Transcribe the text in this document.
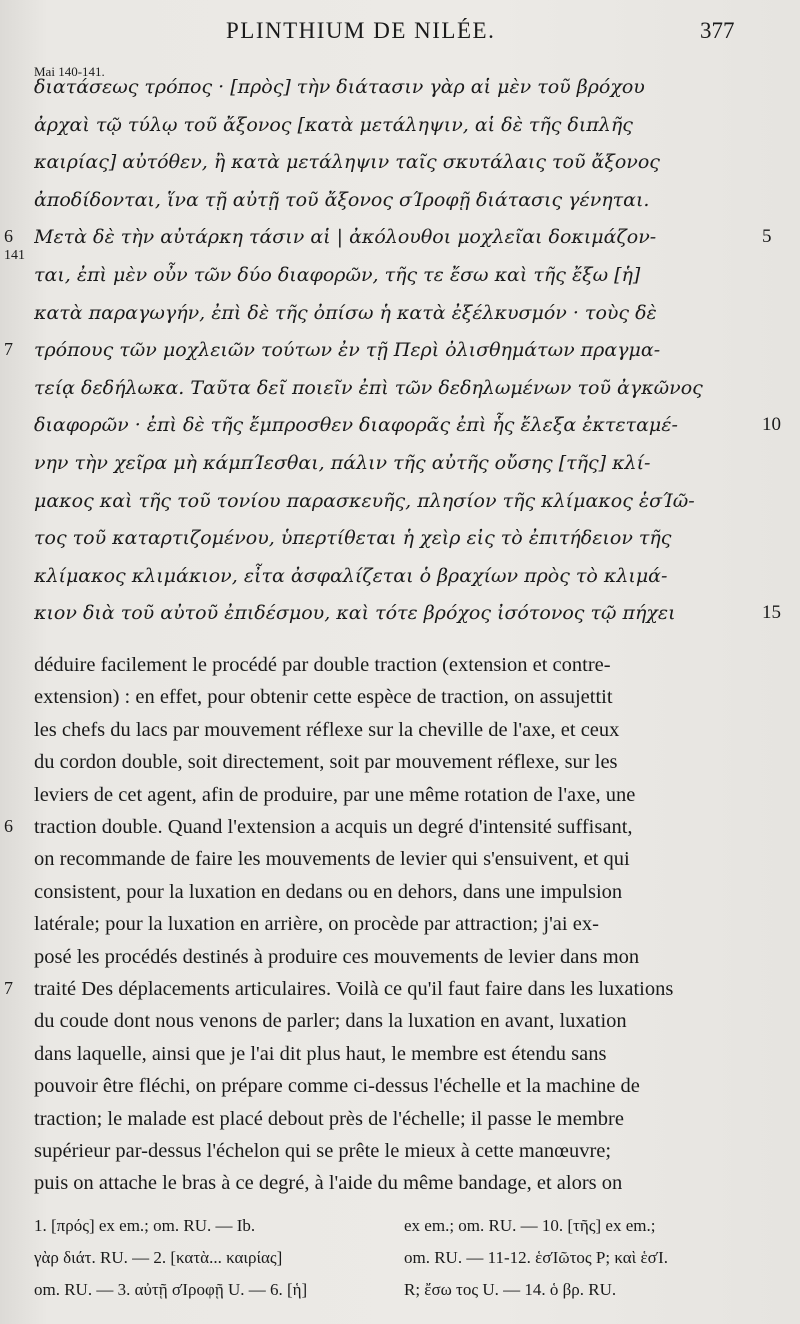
PLINTHIUM DE NILÉE.	377
Mai 140-141.
διατάσεως τρόπος · [πρὸς] τὴν διάτασιν γὰρ αἱ μὲν τοῦ βρόχου
ἀρχαὶ τῷ τύλῳ τοῦ ἄξονος [κατὰ μετάληψιν, αἱ δὲ τῆς διπλῆς
καιρίας] αὐτόθεν, ἢ κατὰ μετάληψιν ταῖς σκυτάλαις τοῦ ἄξονος
ἀποδίδονται, ἵνα τῇ αὐτῇ τοῦ ἄξονος σΊροφῇ διάτασις γένηται.
Μετὰ δὲ τὴν αὐτάρκη τάσιν αἱ | ἀκόλουθοι μοχλεῖαι δοκιμάζον-
6	5
ται, ἐπὶ μὲν οὖν τῶν δύο διαφορῶν, τῆς τε ἔσω καὶ τῆς ἔξω [ἡ]
κατὰ παραγωγήν, ἐπὶ δὲ τῆς ὀπίσω ἡ κατὰ ἐξέλκυσμόν · τοὺς δὲ
τρόπους τῶν μοχλειῶν τούτων ἐν τῇ Περὶ ὀλισθημάτων πραγμα-
7
τείᾳ δεδήλωκα. Ταῦτα δεῖ ποιεῖν ἐπὶ τῶν δεδηλωμένων τοῦ ἀγκῶνος
διαφορῶν · ἐπὶ δὲ τῆς ἔμπροσθεν διαφορᾶς ἐπὶ ἧς ἔλεξα ἐκτεταμέ-	10
νην τὴν χεῖρα μὴ κάμπΊεσθαι, πάλιν τῆς αὐτῆς οὔσης [τῆς] κλί-
μακος καὶ τῆς τοῦ τονίου παρασκευῆς, πλησίον τῆς κλίμακος ἑσΊῶ-
τος τοῦ καταρτιζομένου, ὑπερτίθεται ἡ χεὶρ εἰς τὸ ἐπιτήδειον τῆς
κλίμακος κλιμάκιον, εἶτα ἀσφαλίζεται ὁ βραχίων πρὸς τὸ κλιμά-
κιον διὰ τοῦ αὐτοῦ ἐπιδέσμου, καὶ τότε βρόχος ἰσότονος τῷ πήχει	15
141
déduire facilement le procédé par double traction (extension et contre-
extension) : en effet, pour obtenir cette espèce de traction, on assujettit
les chefs du lacs par mouvement réflexe sur la cheville de l'axe, et ceux
du cordon double, soit directement, soit par mouvement réflexe, sur les
leviers de cet agent, afin de produire, par une même rotation de l'axe, une
traction double. Quand l'extension a acquis un degré d'intensité suffisant,
6
on recommande de faire les mouvements de levier qui s'ensuivent, et qui
consistent, pour la luxation en dedans ou en dehors, dans une impulsion
latérale; pour la luxation en arrière, on procède par attraction; j'ai ex-
posé les procédés destinés à produire ces mouvements de levier dans mon
traité Des déplacements articulaires. Voilà ce qu'il faut faire dans les luxations
7
du coude dont nous venons de parler; dans la luxation en avant, luxation
dans laquelle, ainsi que je l'ai dit plus haut, le membre est étendu sans
pouvoir être fléchi, on prépare comme ci-dessus l'échelle et la machine de
traction; le malade est placé debout près de l'échelle; il passe le membre
supérieur par-dessus l'échelon qui se prête le mieux à cette manœuvre;
puis on attache le bras à ce degré, à l'aide du même bandage, et alors on
1. [πρός] ex em.; om. RU. — Ib.	ex em.; om. RU. — 10. [τῆς] ex em.;
γὰρ διάτ. RU. — 2. [κατὰ... καιρίας]	om. RU. — 11-12. ἑσΊῶτος P; καὶ ἑσΊ.
om. RU. — 3. αὐτῇ σΊροφῇ U. — 6. [ἡ]	R; ἔσω τος U. — 14. ὁ βρ. RU.
